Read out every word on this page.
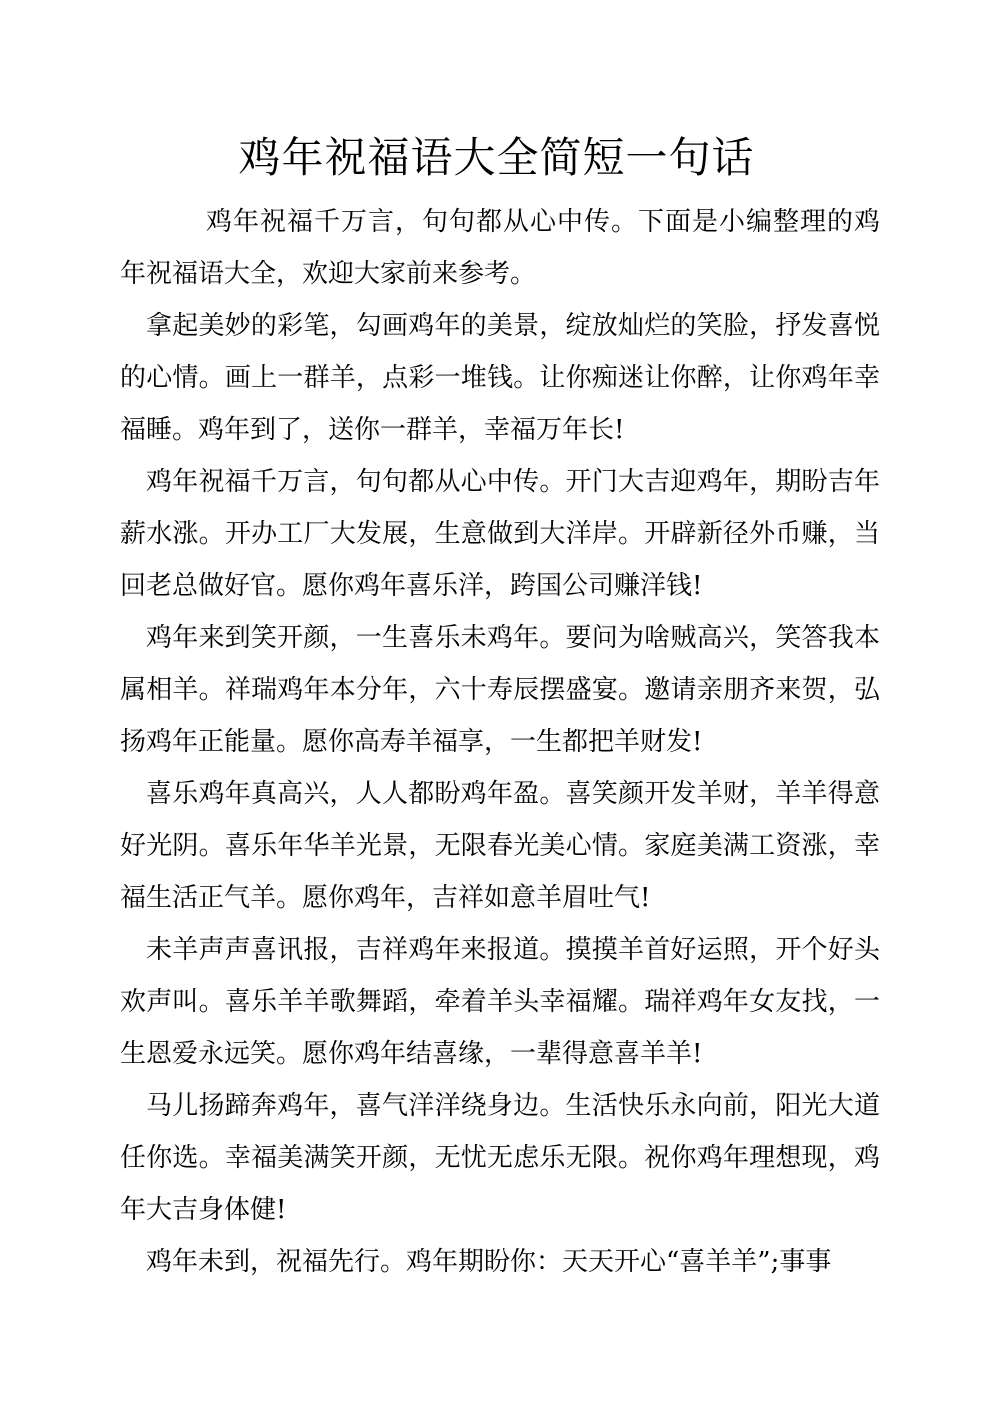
鸡年祝福语大全简短一句话

鸡年祝福千万言，句句都从心中传。下面是小编整理的鸡年祝福语大全，欢迎大家前来参考。

拿起美妙的彩笔，勾画鸡年的美景，绽放灿烂的笑脸，抒发喜悦的心情。画上一群羊，点彩一堆钱。让你痴迷让你醉，让你鸡年幸福睡。鸡年到了，送你一群羊，幸福万年长!

鸡年祝福千万言，句句都从心中传。开门大吉迎鸡年，期盼吉年薪水涨。开办工厂大发展，生意做到大洋岸。开辟新径外币赚，当回老总做好官。愿你鸡年喜乐洋，跨国公司赚洋钱!

鸡年来到笑开颜，一生喜乐未鸡年。要问为啥贼高兴，笑答我本属相羊。祥瑞鸡年本分年，六十寿辰摆盛宴。邀请亲朋齐来贺，弘扬鸡年正能量。愿你高寿羊福享，一生都把羊财发!

喜乐鸡年真高兴，人人都盼鸡年盈。喜笑颜开发羊财，羊羊得意好光阴。喜乐年华羊光景，无限春光美心情。家庭美满工资涨，幸福生活正气羊。愿你鸡年，吉祥如意羊眉吐气!

未羊声声喜讯报，吉祥鸡年来报道。摸摸羊首好运照，开个好头欢声叫。喜乐羊羊歌舞蹈，牵着羊头幸福耀。瑞祥鸡年女友找，一生恩爱永远笑。愿你鸡年结喜缘，一辈得意喜羊羊!

马儿扬蹄奔鸡年，喜气洋洋绕身边。生活快乐永向前，阳光大道任你选。幸福美满笑开颜，无忧无虑乐无限。祝你鸡年理想现，鸡年大吉身体健!

鸡年未到，祝福先行。鸡年期盼你：天天开心“喜羊羊”;事事
